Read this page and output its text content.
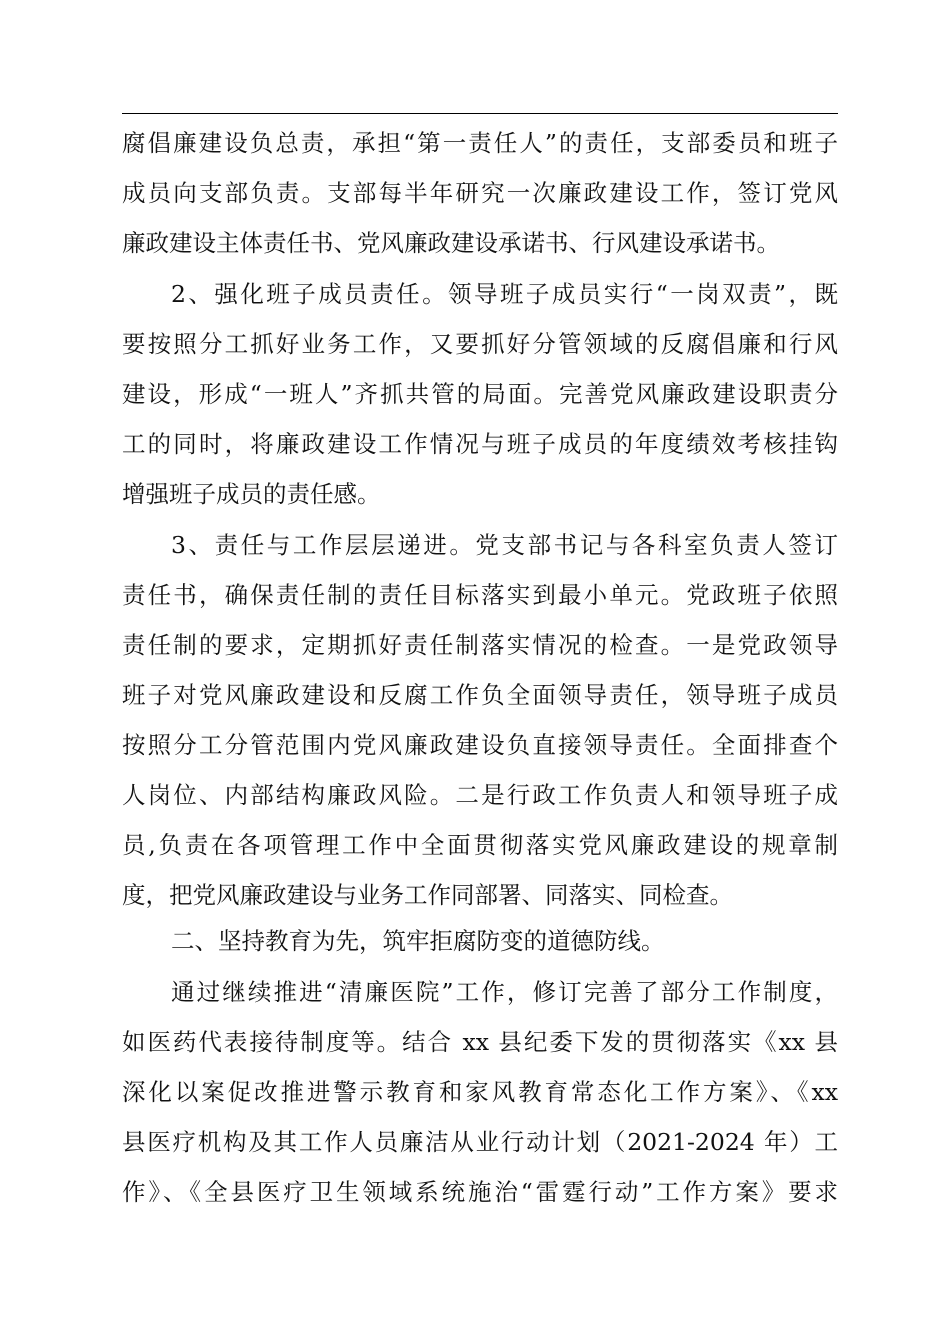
腐倡廉建设负总责，承担“第一责任人”的责任，支部委员和班子
成员向支部负责。支部每半年研究一次廉政建设工作，签订党风
廉政建设主体责任书、党风廉政建设承诺书、行风建设承诺书。
2、强化班子成员责任。领导班子成员实行“一岗双责”，既
要按照分工抓好业务工作，又要抓好分管领域的反腐倡廉和行风
建设，形成“一班人”齐抓共管的局面。完善党风廉政建设职责分
工的同时，将廉政建设工作情况与班子成员的年度绩效考核挂钩
增强班子成员的责任感。
3、责任与工作层层递进。党支部书记与各科室负责人签订
责任书，确保责任制的责任目标落实到最小单元。党政班子依照
责任制的要求，定期抓好责任制落实情况的检查。一是党政领导
班子对党风廉政建设和反腐工作负全面领导责任，领导班子成员
按照分工分管范围内党风廉政建设负直接领导责任。全面排查个
人岗位、内部结构廉政风险。二是行政工作负责人和领导班子成
员,负责在各项管理工作中全面贯彻落实党风廉政建设的规章制
度，把党风廉政建设与业务工作同部署、同落实、同检查。
二、坚持教育为先，筑牢拒腐防变的道德防线。
通过继续推进“清廉医院”工作，修订完善了部分工作制度，
如医药代表接待制度等。结合 xx 县纪委下发的贯彻落实《xx 县
深化以案促改推进警示教育和家风教育常态化工作方案》、《xx
县医疗机构及其工作人员廉洁从业行动计划（2021-2024 年）工
作》、《全县医疗卫生领域系统施治“雷霆行动”工作方案》要求
